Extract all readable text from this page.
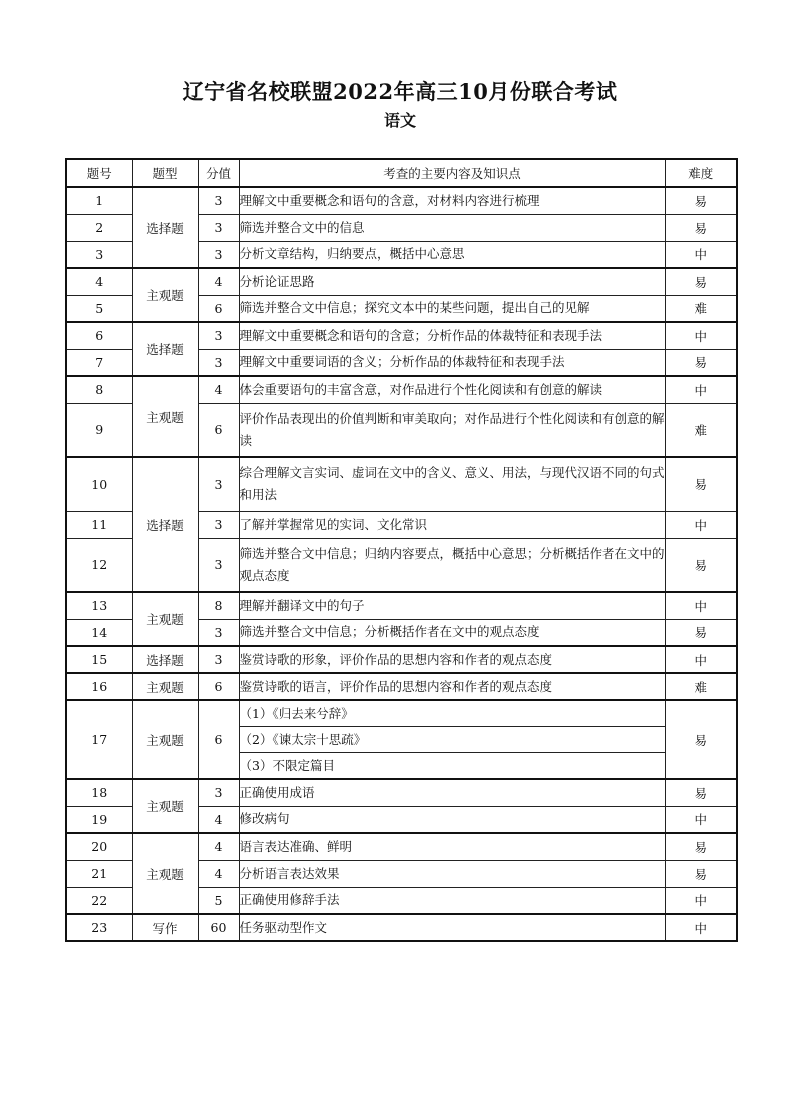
辽宁省名校联盟2022年高三10月份联合考试
语文
题号	题型	分值	考查的主要内容及知识点	难度
1	选择题	3	理解文中重要概念和语句的含意，对材料内容进行梳理	易
2		3	筛选并整合文中的信息	易
3		3	分析文章结构，归纳要点，概括中心意思	中
4	主观题	4	分析论证思路	易
5		6	筛选并整合文中信息；探究文本中的某些问题，提出自己的见解	难
6	选择题	3	理解文中重要概念和语句的含意；分析作品的体裁特征和表现手法	中
7		3	理解文中重要词语的含义；分析作品的体裁特征和表现手法	易
8	主观题	4	体会重要语句的丰富含意，对作品进行个性化阅读和有创意的解读	中
9		6	评价作品表现出的价值判断和审美取向；对作品进行个性化阅读和有创意的解读	难
10	选择题	3	综合理解文言实词、虚词在文中的含义、意义、用法，与现代汉语不同的句式和用法	易
11		3	了解并掌握常见的实词、文化常识	中
12		3	筛选并整合文中信息；归纳内容要点，概括中心意思；分析概括作者在文中的观点态度	易
13	主观题	8	理解并翻译文中的句子	中
14		3	筛选并整合文中信息；分析概括作者在文中的观点态度	易
15	选择题	3	鉴赏诗歌的形象，评价作品的思想内容和作者的观点态度	中
16	主观题	6	鉴赏诗歌的语言，评价作品的思想内容和作者的观点态度	难
17	主观题	6	（1）《归去来兮辞》	易
			（2）《谏太宗十思疏》	
			（3）不限定篇目	
18	主观题	3	正确使用成语	易
19		4	修改病句	中
20	主观题	4	语言表达准确、鲜明	易
21		4	分析语言表达效果	易
22		5	正确使用修辞手法	中
23	写作	60	任务驱动型作文	中
